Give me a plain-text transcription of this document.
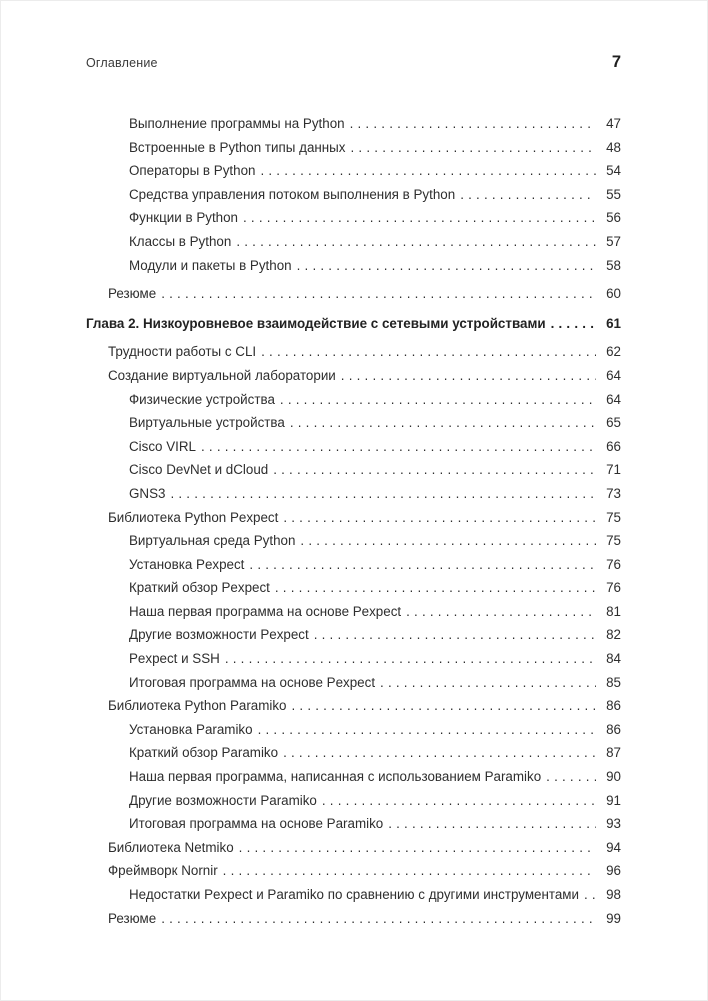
Оглавление	7
Выполнение программы на Python .....	47
Встроенные в Python типы данных .....	48
Операторы в Python .....	54
Средства управления потоком выполнения в Python .....	55
Функции в Python .....	56
Классы в Python .....	57
Модули и пакеты в Python .....	58
Резюме .....	60
Глава 2. Низкоуровневое взаимодействие с сетевыми устройствами .....	61
Трудности работы с CLI .....	62
Создание виртуальной лаборатории .....	64
Физические устройства .....	64
Виртуальные устройства .....	65
Cisco VIRL .....	66
Cisco DevNet и dCloud .....	71
GNS3 .....	73
Библиотека Python Pexpect .....	75
Виртуальная среда Python .....	75
Установка Pexpect .....	76
Краткий обзор Pexpect .....	76
Наша первая программа на основе Pexpect .....	81
Другие возможности Pexpect .....	82
Pexpect и SSH .....	84
Итоговая программа на основе Pexpect .....	85
Библиотека Python Paramiko .....	86
Установка Paramiko .....	86
Краткий обзор Paramiko .....	87
Наша первая программа, написанная с использованием Paramiko .....	90
Другие возможности Paramiko .....	91
Итоговая программа на основе Paramiko .....	93
Библиотека Netmiko .....	94
Фреймворк Nornir .....	96
Недостатки Pexpect и Paramiko по сравнению с другими инструментами .....	98
Резюме .....	99
